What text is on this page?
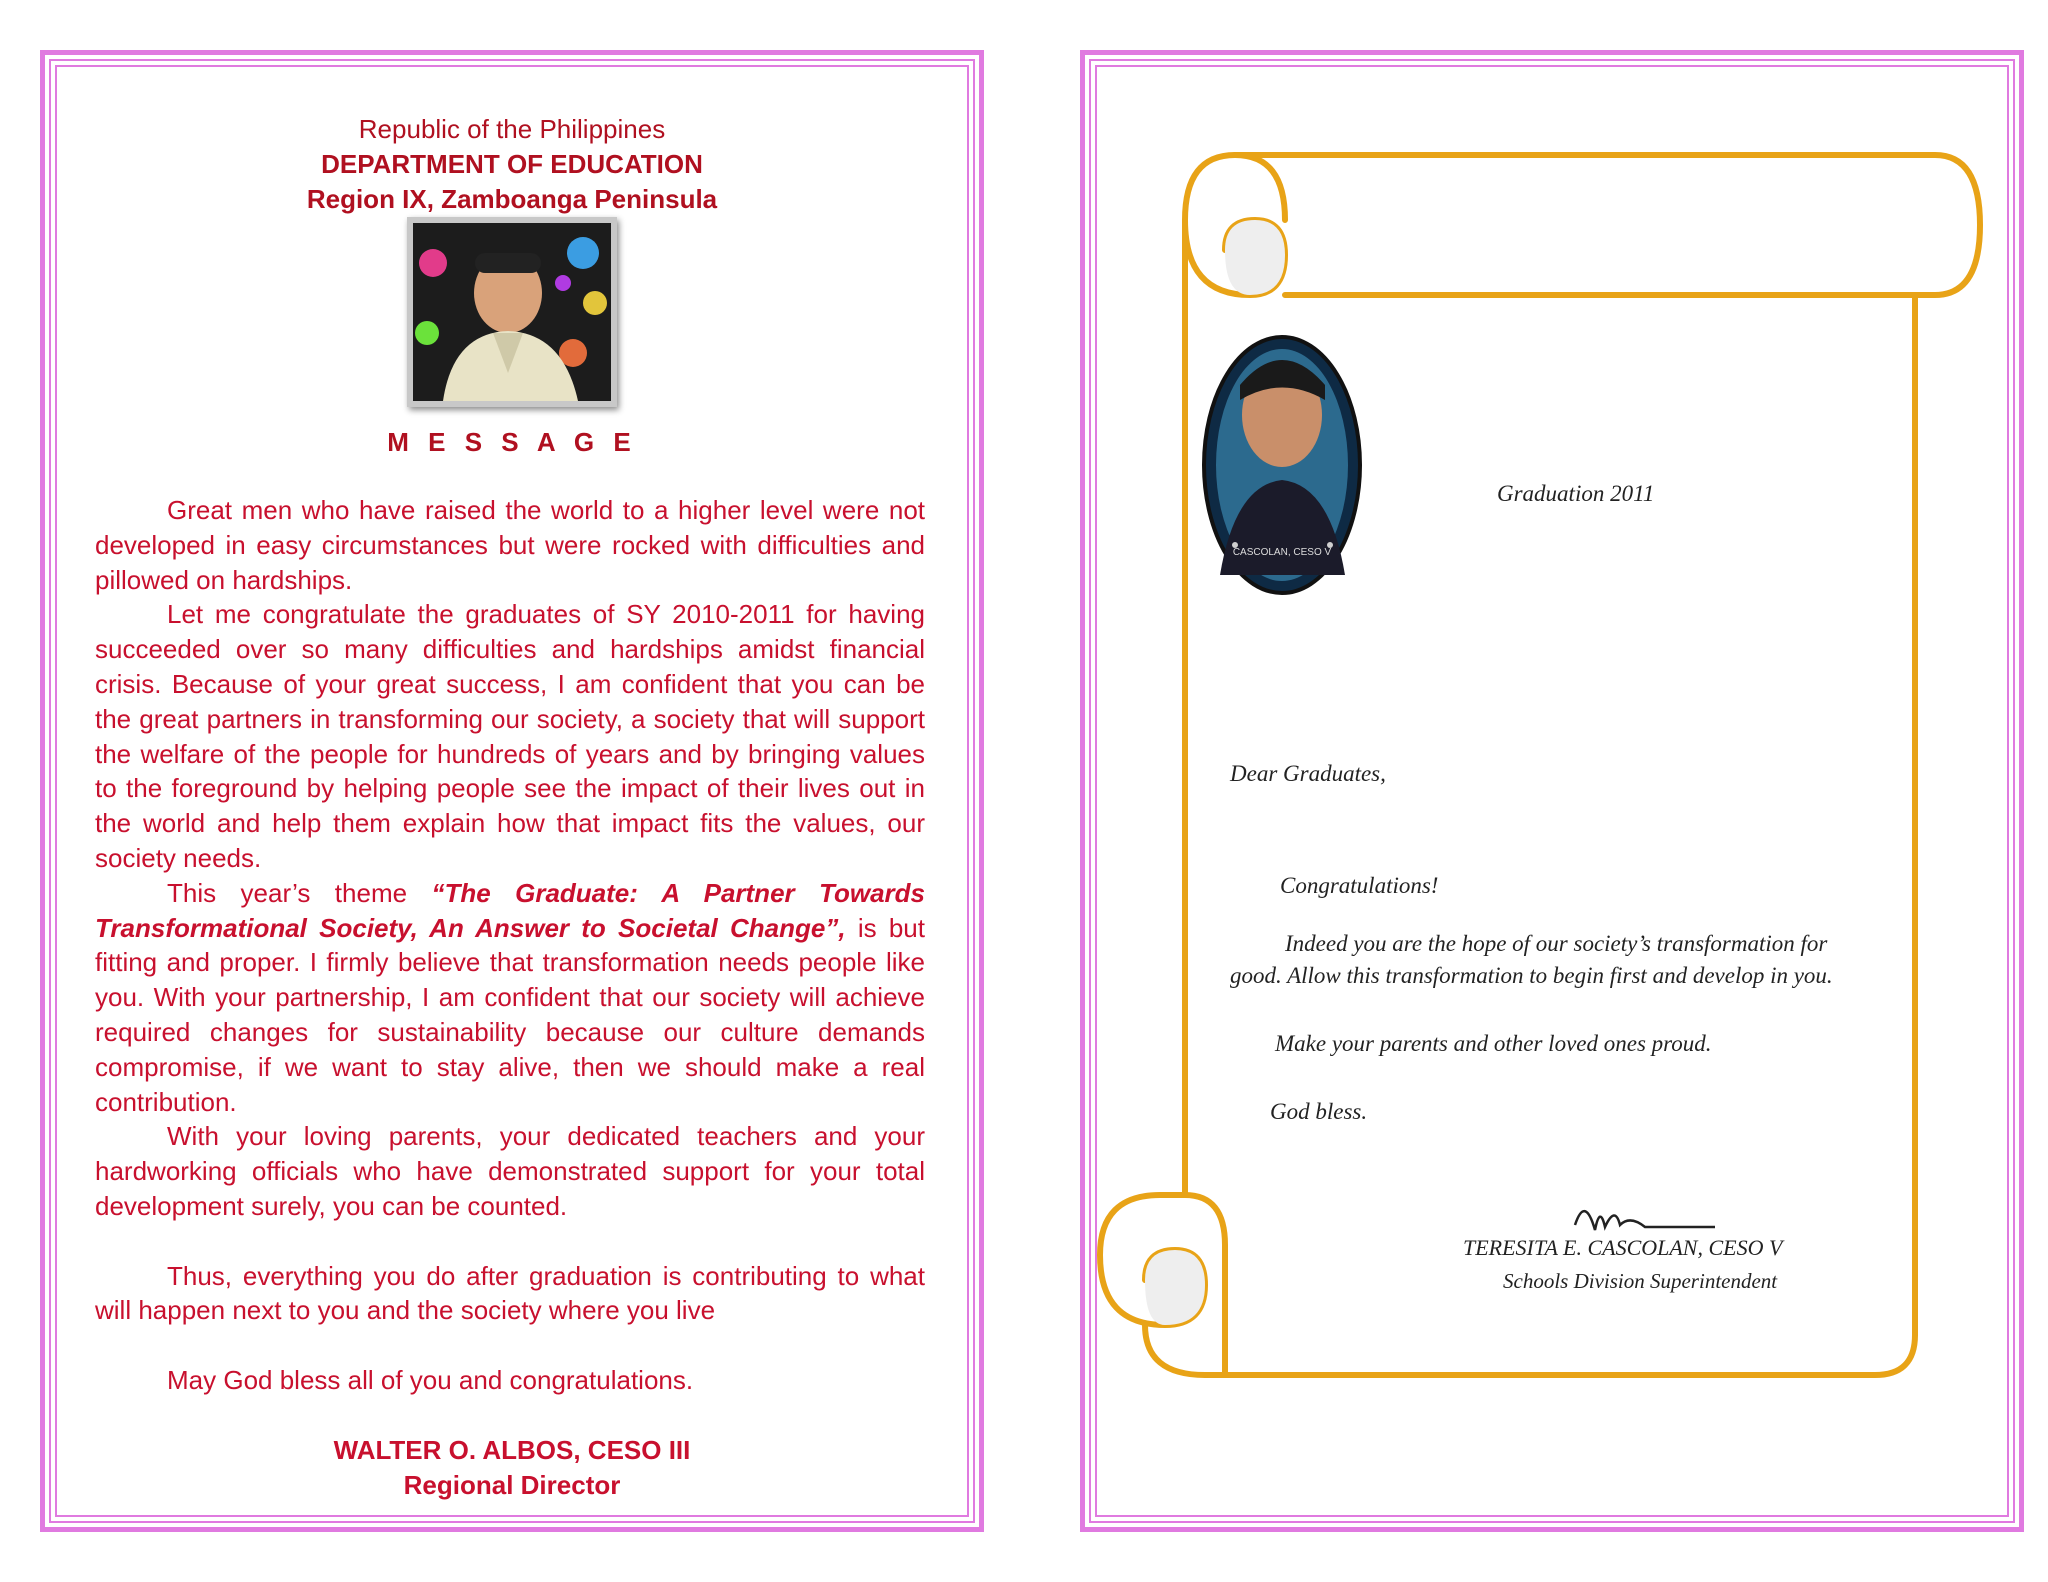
Republic of the Philippines
DEPARTMENT OF EDUCATION
Region IX, Zamboanga Peninsula
M E S S A G E

Great men who have raised the world to a higher level were not developed in easy circumstances but were rocked with difficulties and pillowed on hardships.

Let me congratulate the graduates of SY 2010-2011 for having succeeded over so many difficulties and hardships amidst financial crisis. Because of your great success, I am confident that you can be the great partners in transforming our society, a society that will support the welfare of the people for hundreds of years and by bringing values to the foreground by helping people see the impact of their lives out in the world and help them explain how that impact fits the values, our society needs.

This year’s theme “The Graduate: A Partner Towards Transformational Society, An Answer to Societal Change”, is but fitting and proper. I firmly believe that transformation needs people like you. With your partnership, I am confident that our society will achieve required changes for sustainability because our culture demands compromise, if we want to stay alive, then we should make a real contribution.

With your loving parents, your dedicated teachers and your hardworking officials who have demonstrated support for your total development surely, you can be counted.

Thus, everything you do after graduation is contributing to what will happen next to you and the society where you live

May God bless all of you and congratulations.

WALTER O. ALBOS, CESO III
Regional Director
CASCOLAN, CESO V
Graduation 2011
Dear Graduates,
Congratulations!
Indeed you are the hope of our society’s transformation for
good. Allow this transformation to begin first and develop in you.
Make your parents and other loved ones proud.
God bless.
TERESITA E. CASCOLAN, CESO V
Schools Division Superintendent
